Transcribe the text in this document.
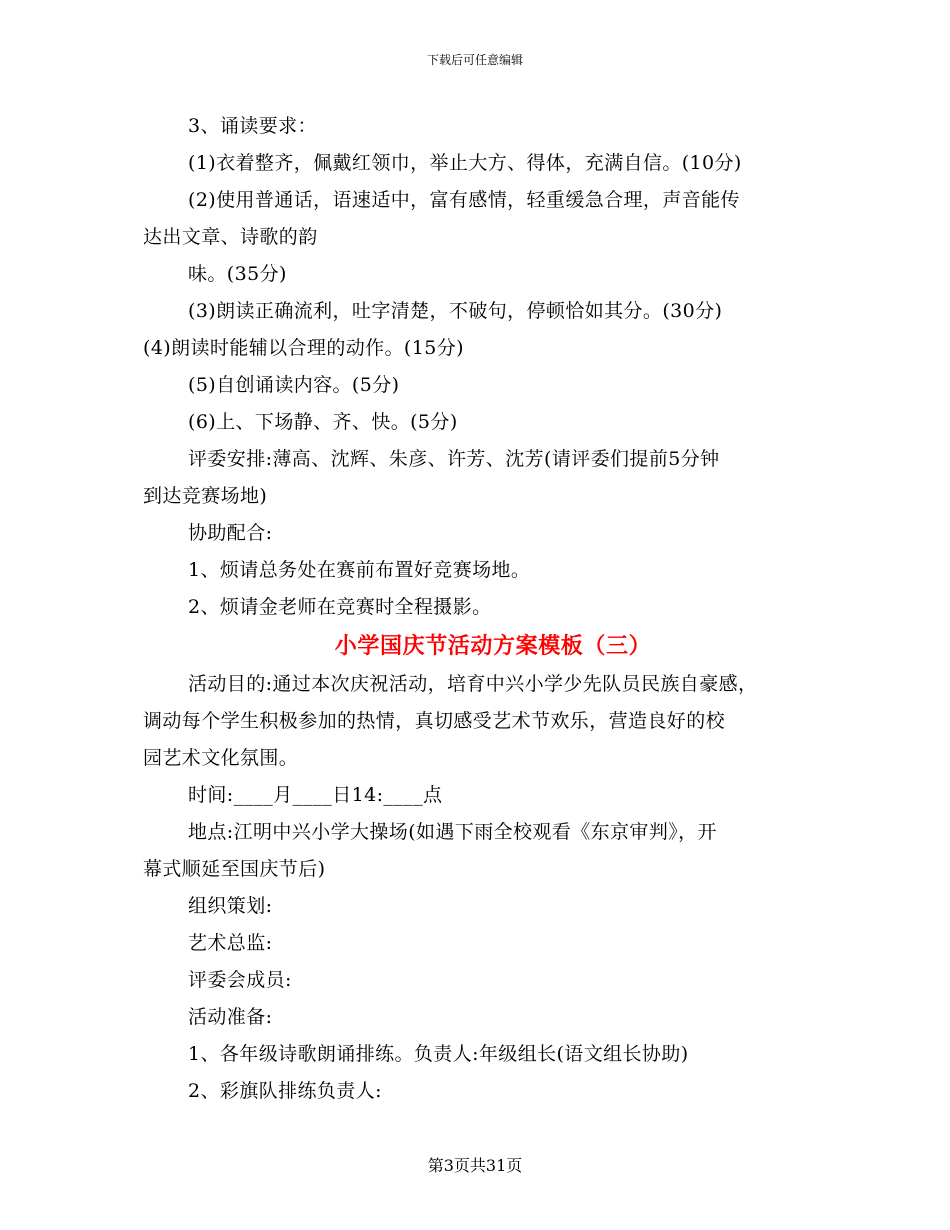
下载后可任意编辑
3、诵读要求：
(1)衣着整齐，佩戴红领巾，举止大方、得体，充满自信。(10分)
(2)使用普通话，语速适中，富有感情，轻重缓急合理，声音能传
达出文章、诗歌的韵
味。(35分)
(3)朗读正确流利，吐字清楚，不破句，停顿恰如其分。(30分)
(4)朗读时能辅以合理的动作。(15分)
(5)自创诵读内容。(5分)
(6)上、下场静、齐、快。(5分)
评委安排:薄高、沈辉、朱彦、许芳、沈芳(请评委们提前5分钟
到达竞赛场地)
协助配合:
1、烦请总务处在赛前布置好竞赛场地。
2、烦请金老师在竞赛时全程摄影。
小学国庆节活动方案模板（三）
活动目的:通过本次庆祝活动，培育中兴小学少先队员民族自豪感，
调动每个学生积极参加的热情，真切感受艺术节欢乐，营造良好的校
园艺术文化氛围。
时间:____月____日14:____点
地点:江明中兴小学大操场(如遇下雨全校观看《东京审判》，开
幕式顺延至国庆节后)
组织策划:
艺术总监:
评委会成员:
活动准备:
1、各年级诗歌朗诵排练。负责人:年级组长(语文组长协助)
2、彩旗队排练负责人:
第3页共31页
